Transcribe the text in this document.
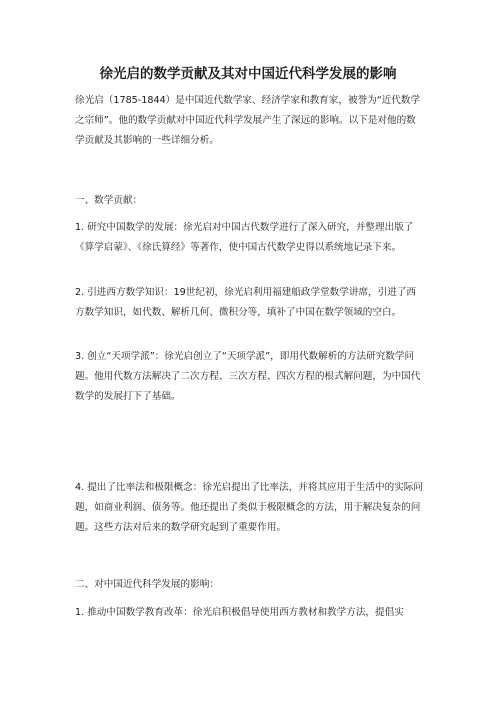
徐光启的数学贡献及其对中国近代科学发展的影响

徐光启（1785-1844）是中国近代数学家、经济学家和教育家，被誉为“近代数学之宗师”。他的数学贡献对中国近代科学发展产生了深远的影响。以下是对他的数学贡献及其影响的一些详细分析。

一、数学贡献：

1. 研究中国数学的发展：徐光启对中国古代数学进行了深入研究，并整理出版了《算学启蒙》、《徐氏算经》等著作，使中国古代数学史得以系统地记录下来。

2. 引进西方数学知识：19世纪初，徐光启利用福建船政学堂数学讲席，引进了西方数学知识，如代数、解析几何、微积分等，填补了中国在数学领域的空白。

3. 创立“天项学派”：徐光启创立了“天项学派”，即用代数解析的方法研究数学问题。他用代数方法解决了二次方程、三次方程、四次方程的根式解问题，为中国代数学的发展打下了基础。

4. 提出了比率法和极限概念：徐光启提出了比率法，并将其应用于生活中的实际问题，如商业利润、债务等。他还提出了类似于极限概念的方法，用于解决复杂的问题。这些方法对后来的数学研究起到了重要作用。

二、对中国近代科学发展的影响：

1. 推动中国数学教育改革：徐光启积极倡导使用西方教材和教学方法，提倡实
